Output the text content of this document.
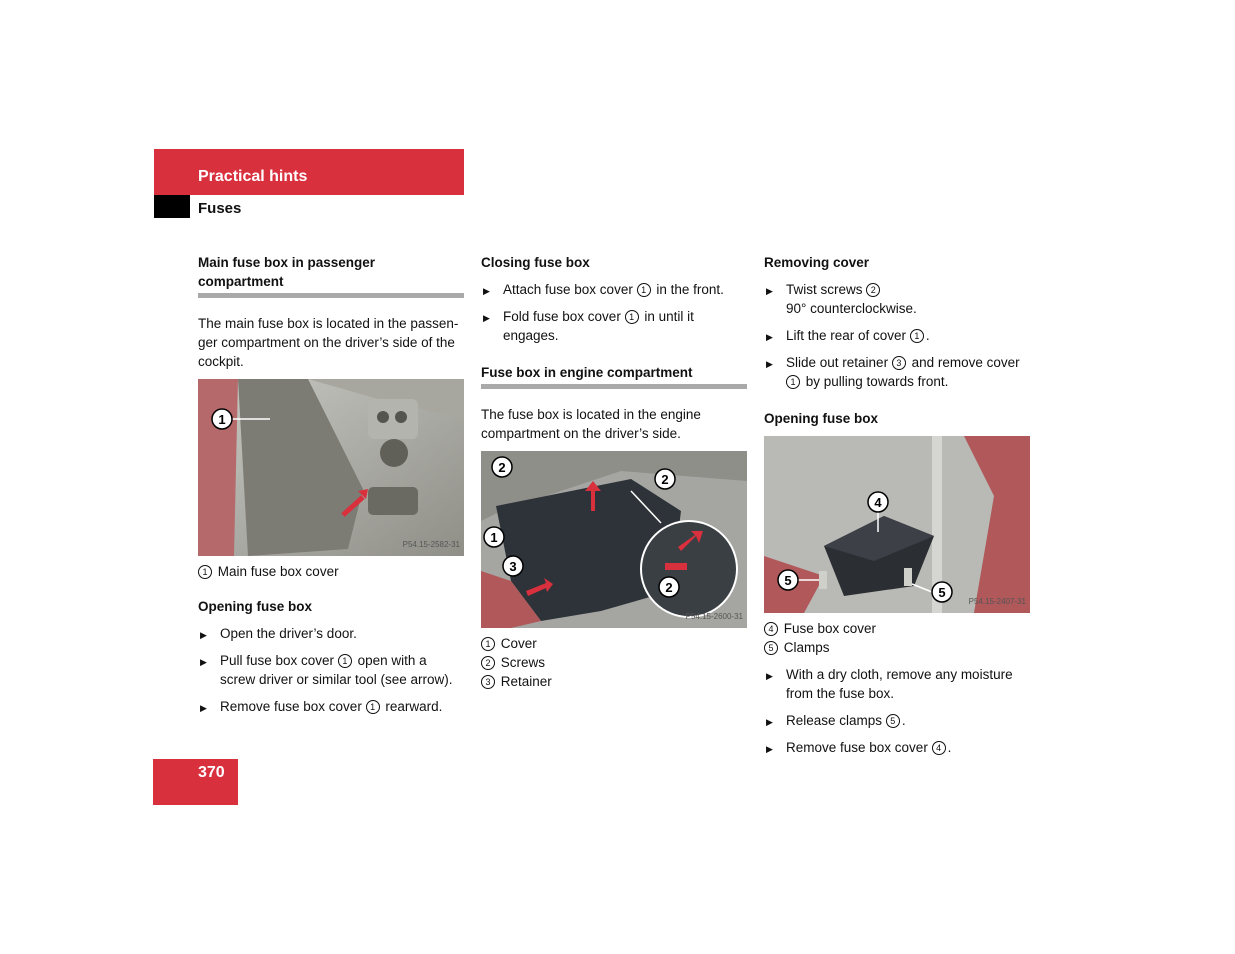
Practical hints
Fuses
Main fuse box in passenger compartment

The main fuse box is located in the passen-ger compartment on the driver’s side of the cockpit.

1
P54.15-2582-31

1 Main fuse box cover

Opening fuse box
▶ Open the driver’s door.
▶ Pull fuse box cover 1 open with a screw driver or similar tool (see arrow).
▶ Remove fuse box cover 1 rearward.
Closing fuse box
▶ Attach fuse box cover 1 in the front.
▶ Fold fuse box cover 1 in until it engages.
Fuse box in engine compartment

The fuse box is located in the engine compartment on the driver’s side.

2
2
1
3
2
P54.15-2600-31

1 Cover

2 Screws

3 Retainer

Removing cover
▶ Twist screws 2
90° counterclockwise.
▶ Lift the rear of cover 1 .
▶ Slide out retainer 3 and remove cover 1 by pulling towards front.
Opening fuse box
4
5
5
P54.15-2407-31

4 Fuse box cover

5 Clamps

▶ With a dry cloth, remove any moisture from the fuse box.
▶ Release clamps 5 .
▶ Remove fuse box cover 4 .
370
